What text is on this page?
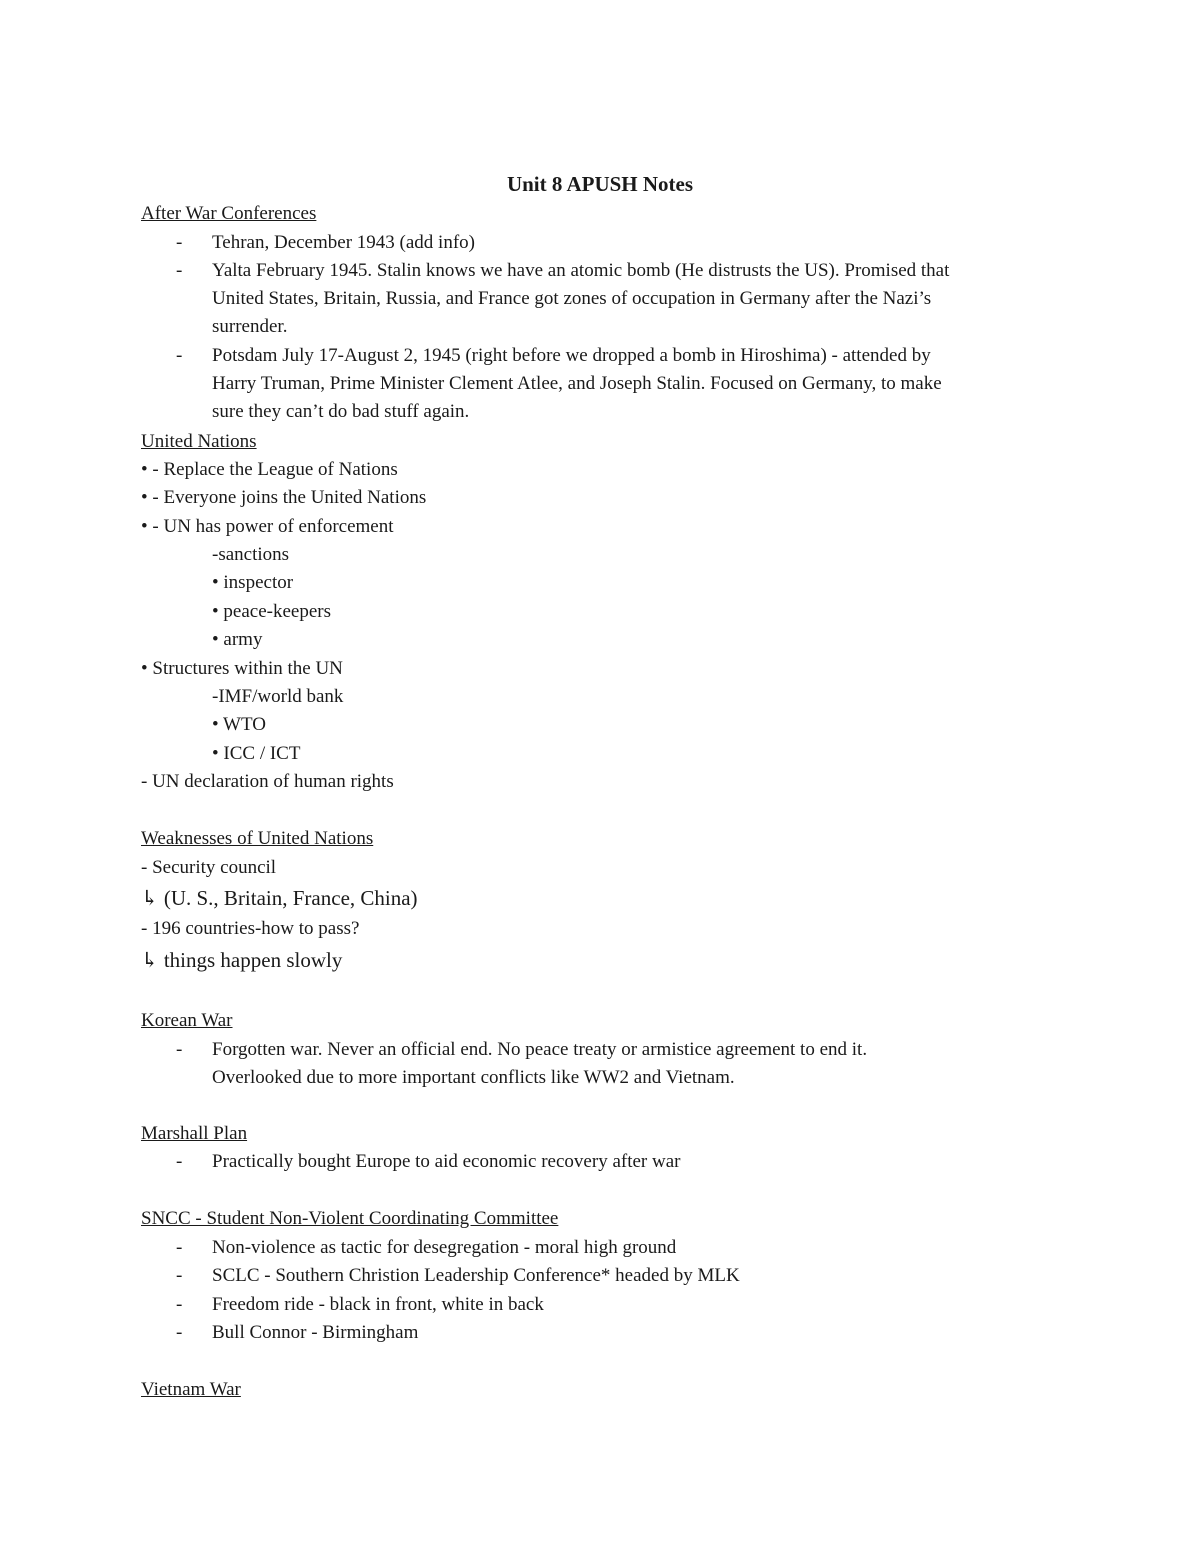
Unit 8 APUSH Notes
After War Conferences
- Tehran, December 1943 (add info)
- Yalta February 1945. Stalin knows we have an atomic bomb (He distrusts the US). Promised that
United States, Britain, Russia, and France got zones of occupation in Germany after the Nazi’s
surrender.
- Potsdam July 17-August 2, 1945 (right before we dropped a bomb in Hiroshima) - attended by
Harry Truman, Prime Minister Clement Atlee, and Joseph Stalin. Focused on Germany, to make
sure they can’t do bad stuff again.
United Nations
• - Replace the League of Nations
• - Everyone joins the United Nations
• - UN has power of enforcement
-sanctions
• inspector
• peace-keepers
• army
• Structures within the UN
-IMF/world bank
• WTO
• ICC / ICT
- UN declaration of human rights
Weaknesses of United Nations
- Security council
↳ (U. S., Britain, France, China)
- 196 countries-how to pass?
↳ things happen slowly
Korean War
- Forgotten war. Never an official end. No peace treaty or armistice agreement to end it.
Overlooked due to more important conflicts like WW2 and Vietnam.
Marshall Plan
- Practically bought Europe to aid economic recovery after war
SNCC - Student Non-Violent Coordinating Committee
- Non-violence as tactic for desegregation - moral high ground
- SCLC - Southern Christion Leadership Conference* headed by MLK
- Freedom ride - black in front, white in back
- Bull Connor - Birmingham
Vietnam War
